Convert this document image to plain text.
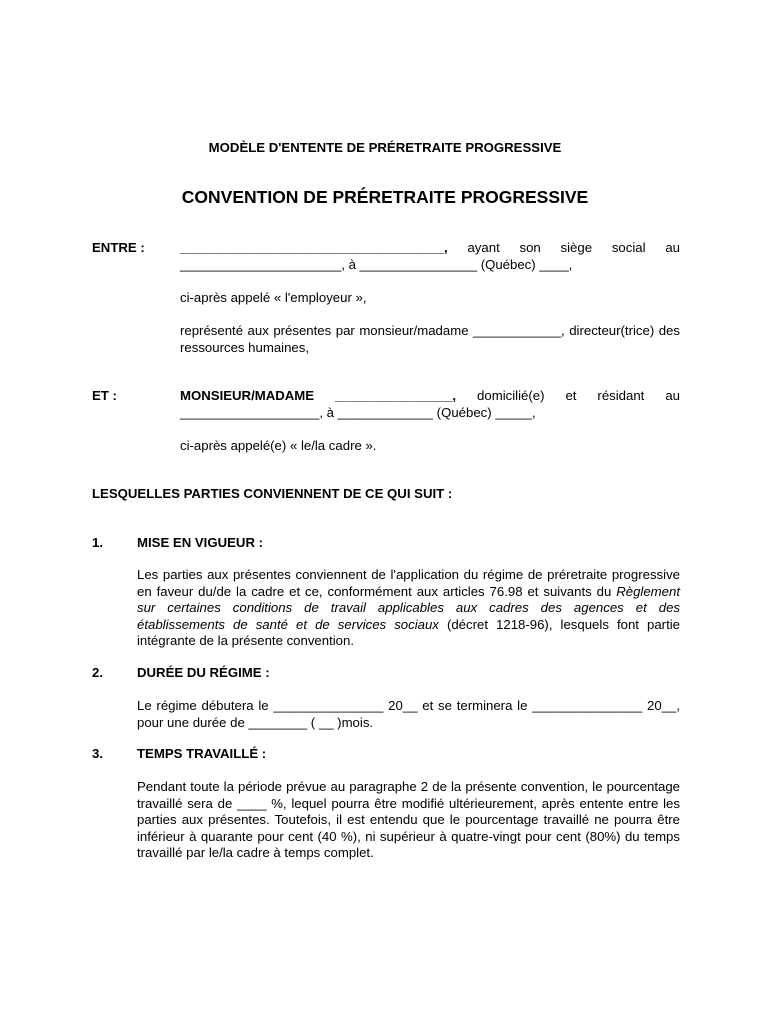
MODÈLE D'ENTENTE DE PRÉRETRAITE PROGRESSIVE
CONVENTION DE PRÉRETRAITE PROGRESSIVE
ENTRE :	____________________________________, ayant son siège social au
______________________, à ________________ (Québec) ____,
ci-après appelé « l'employeur »,
représenté aux présentes par monsieur/madame ____________, directeur(trice) des ressources humaines,
ET :	MONSIEUR/MADAME ________________, domicilié(e) et résidant au
___________________, à _____________ (Québec) _____,
ci-après appelé(e) « le/la cadre ».
LESQUELLES PARTIES CONVIENNENT DE CE QUI SUIT :
1.	MISE EN VIGUEUR :
Les parties aux présentes conviennent de l'application du régime de préretraite progressive en faveur du/de la cadre et ce, conformément aux articles 76.98 et suivants du Règlement sur certaines conditions de travail applicables aux cadres des agences et des établissements de santé et de services sociaux (décret 1218-96), lesquels font partie intégrante de la présente convention.
2.	DURÉE DU RÉGIME :
Le régime débutera le _______________ 20__ et se terminera le _______________ 20__, pour une durée de ________ ( __ )mois.
3.	TEMPS TRAVAILLÉ :
Pendant toute la période prévue au paragraphe 2 de la présente convention, le pourcentage travaillé sera de ____ %, lequel pourra être modifié ultérieurement, après entente entre les parties aux présentes. Toutefois, il est entendu que le pourcentage travaillé ne pourra être inférieur à quarante pour cent (40 %), ni supérieur à quatre-vingt pour cent (80%) du temps travaillé par le/la cadre à temps complet.
